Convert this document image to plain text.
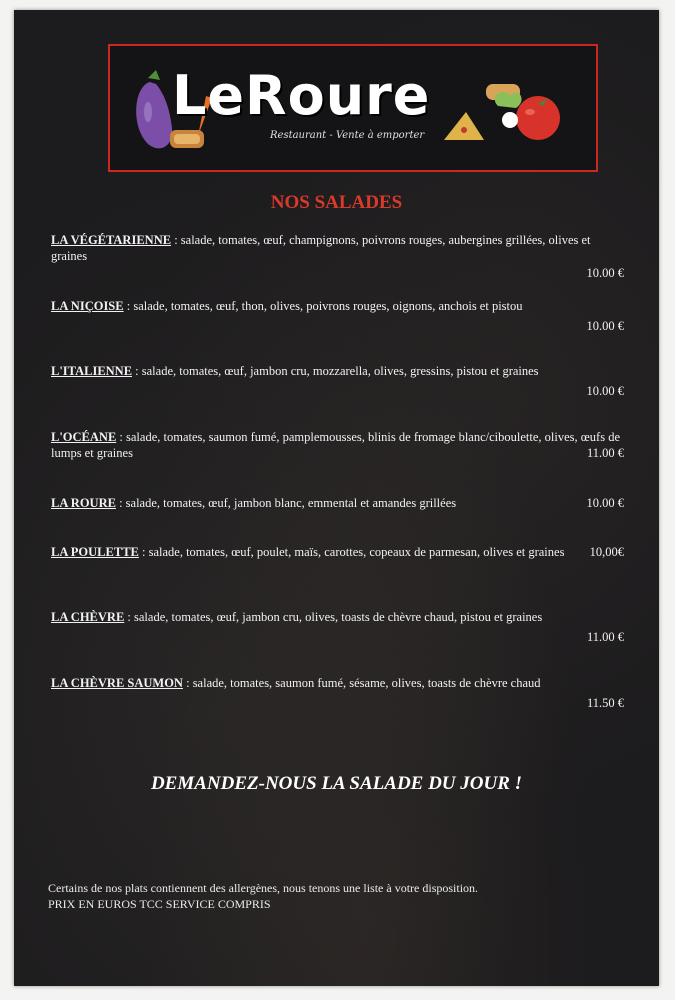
LeRoure
Restaurant - Vente à emporter
NOS SALADES
LA VÉGÉTARIENNE : salade, tomates, œuf, champignons, poivrons rouges, aubergines grillées, olives et graines
10.00 €
LA NIÇOISE : salade, tomates, œuf, thon, olives, poivrons rouges, oignons, anchois et pistou
10.00 €
L'ITALIENNE : salade, tomates, œuf, jambon cru, mozzarella, olives, gressins, pistou et graines
10.00 €
L'OCÉANE : salade, tomates, saumon fumé, pamplemousses, blinis de fromage blanc/ciboulette, olives, œufs de lumps et graines	11.00 €
10.00 €
LA ROURE : salade, tomates, œuf, jambon blanc, emmental et amandes grillées
LA POULETTE : salade, tomates, œuf, poulet, maïs, carottes, copeaux de parmesan, olives et graines	10,00€
LA CHÈVRE : salade, tomates, œuf, jambon cru, olives, toasts de chèvre chaud, pistou et graines
11.00 €
LA CHÈVRE SAUMON : salade, tomates, saumon fumé, sésame, olives, toasts de chèvre chaud
11.50 €
DEMANDEZ-NOUS LA SALADE DU JOUR !
Certains de nos plats contiennent des allergènes, nous tenons une liste à votre disposition.
PRIX EN EUROS TCC SERVICE COMPRIS
